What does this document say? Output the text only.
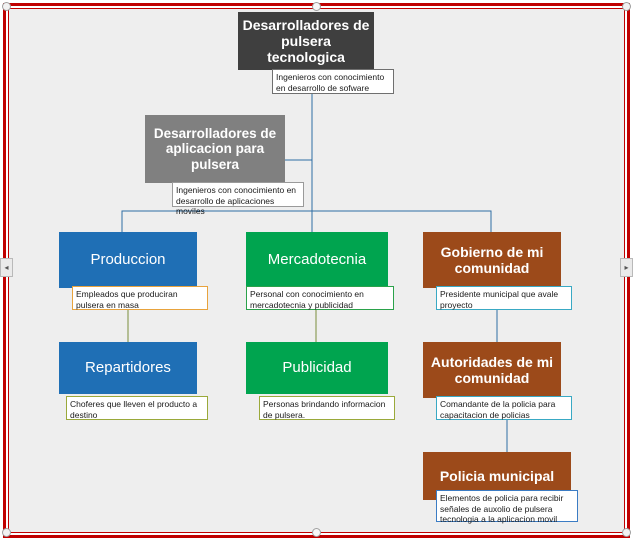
◂	▸
Desarrolladores de pulsera tecnologica
Ingenieros con conocimiento en desarrollo de sofware
Desarrolladores de aplicacion para pulsera
Ingenieros con conocimiento en desarrollo de aplicaciones moviles
Produccion
Empleados que produciran pulsera en masa
Mercadotecnia
Personal con conocimiento en mercadotecnia y publicidad
Gobierno de mi comunidad
Presidente municipal que avale proyecto
Repartidores
Choferes que lleven el producto a destino
Publicidad
Personas brindando informacion de pulsera.
Autoridades de mi comunidad
Comandante de la policia para capacitacion de policias
Policia municipal
Elementos de policia para recibir señales de auxolio de pulsera tecnologia a la aplicacion movil
